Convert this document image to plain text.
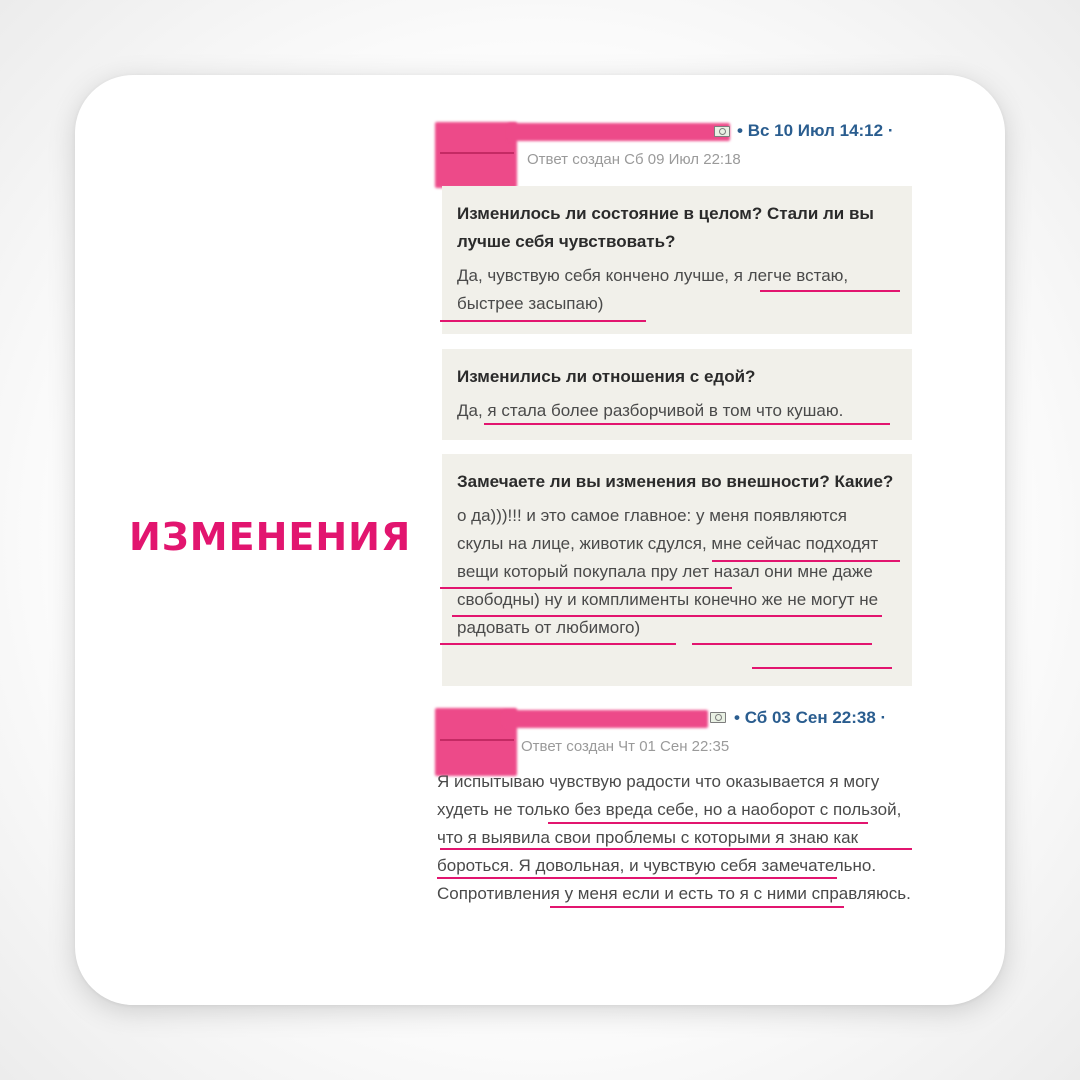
ИЗМЕНЕНИЯ
• Вс 10 Июл 14:12 ·
Ответ создан Сб 09 Июл 22:18

Изменилось ли состояние в целом? Стали ли вы лучше себя чувствовать?

Да, чувствую себя кончено лучше, я легче встаю, быстрее засыпаю)

Изменились ли отношения с едой?

Да, я стала более разборчивой в том что кушаю.

Замечаете ли вы изменения во внешности? Какие?

о да)))!!! и это самое главное: у меня появляются скулы на лице, животик сдулся, мне сейчас подходят вещи который покупала пру лет назал они мне даже свободны) ну и комплименты конечно же не могут не радовать от любимого)

• Сб 03 Сен 22:38 ·
Ответ создан Чт 01 Сен 22:35

Я испытываю чувствую радости что оказывается я могу худеть не только без вреда себе, но а наоборот с пользой, что я выявила свои проблемы с которыми я знаю как бороться. Я довольная, и чувствую себя замечательно. Сопротивления у меня если и есть то я с ними справляюсь.
